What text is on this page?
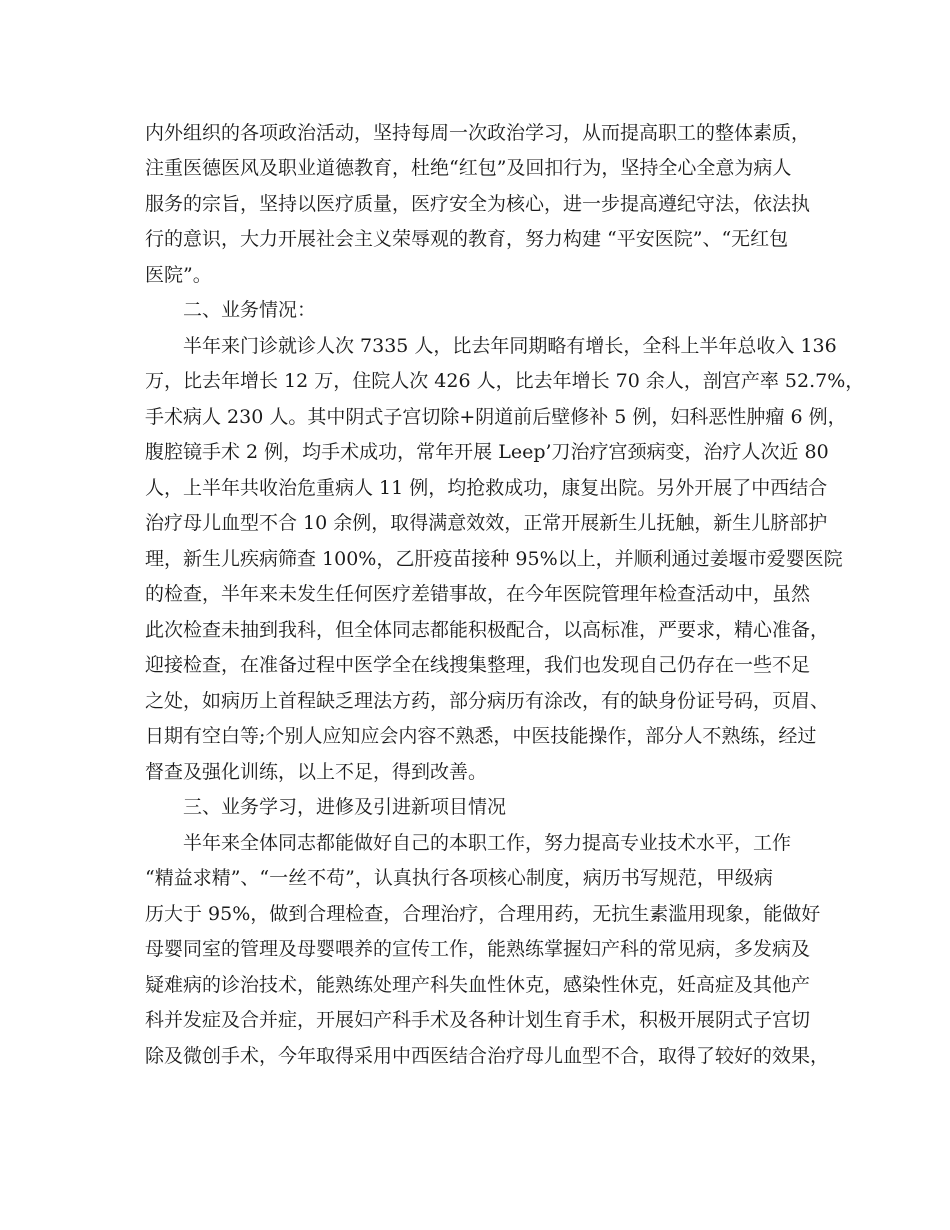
内外组织的各项政治活动，坚持每周一次政治学习，从而提高职工的整体素质，
注重医德医风及职业道德教育，杜绝“红包”及回扣行为，坚持全心全意为病人
服务的宗旨，坚持以医疗质量，医疗安全为核心，进一步提高遵纪守法，依法执
行的意识，大力开展社会主义荣辱观的教育，努力构建 “平安医院”、“无红包
医院”。
二、业务情况：
半年来门诊就诊人次 7335 人，比去年同期略有增长，全科上半年总收入 136
万，比去年增长 12 万，住院人次 426 人，比去年增长 70 余人，剖宫产率 52.7%，
手术病人 230 人。其中阴式子宫切除+阴道前后壁修补 5 例，妇科恶性肿瘤 6 例，
腹腔镜手术 2 例，均手术成功，常年开展 Leep’刀治疗宫颈病变，治疗人次近 80
人，上半年共收治危重病人 11 例，均抢救成功，康复出院。另外开展了中西结合
治疗母儿血型不合 10 余例，取得满意效效，正常开展新生儿抚触，新生儿脐部护
理，新生儿疾病筛查 100%，乙肝疫苗接种 95%以上，并顺利通过姜堰市爱婴医院
的检查，半年来未发生任何医疗差错事故，在今年医院管理年检查活动中，虽然
此次检查未抽到我科，但全体同志都能积极配合，以高标准，严要求，精心准备，
迎接检查，在准备过程中医学全在线搜集整理，我们也发现自己仍存在一些不足
之处，如病历上首程缺乏理法方药，部分病历有涂改，有的缺身份证号码，页眉、
日期有空白等;个别人应知应会内容不熟悉，中医技能操作，部分人不熟练，经过
督查及强化训练，以上不足，得到改善。
三、业务学习，进修及引进新项目情况
半年来全体同志都能做好自己的本职工作，努力提高专业技术水平，工作
“精益求精”、“一丝不苟”，认真执行各项核心制度，病历书写规范，甲级病
历大于 95%，做到合理检查，合理治疗，合理用药，无抗生素滥用现象，能做好
母婴同室的管理及母婴喂养的宣传工作，能熟练掌握妇产科的常见病，多发病及
疑难病的诊治技术，能熟练处理产科失血性休克，感染性休克，妊高症及其他产
科并发症及合并症，开展妇产科手术及各种计划生育手术，积极开展阴式子宫切
除及微创手术，今年取得采用中西医结合治疗母儿血型不合，取得了较好的效果，
